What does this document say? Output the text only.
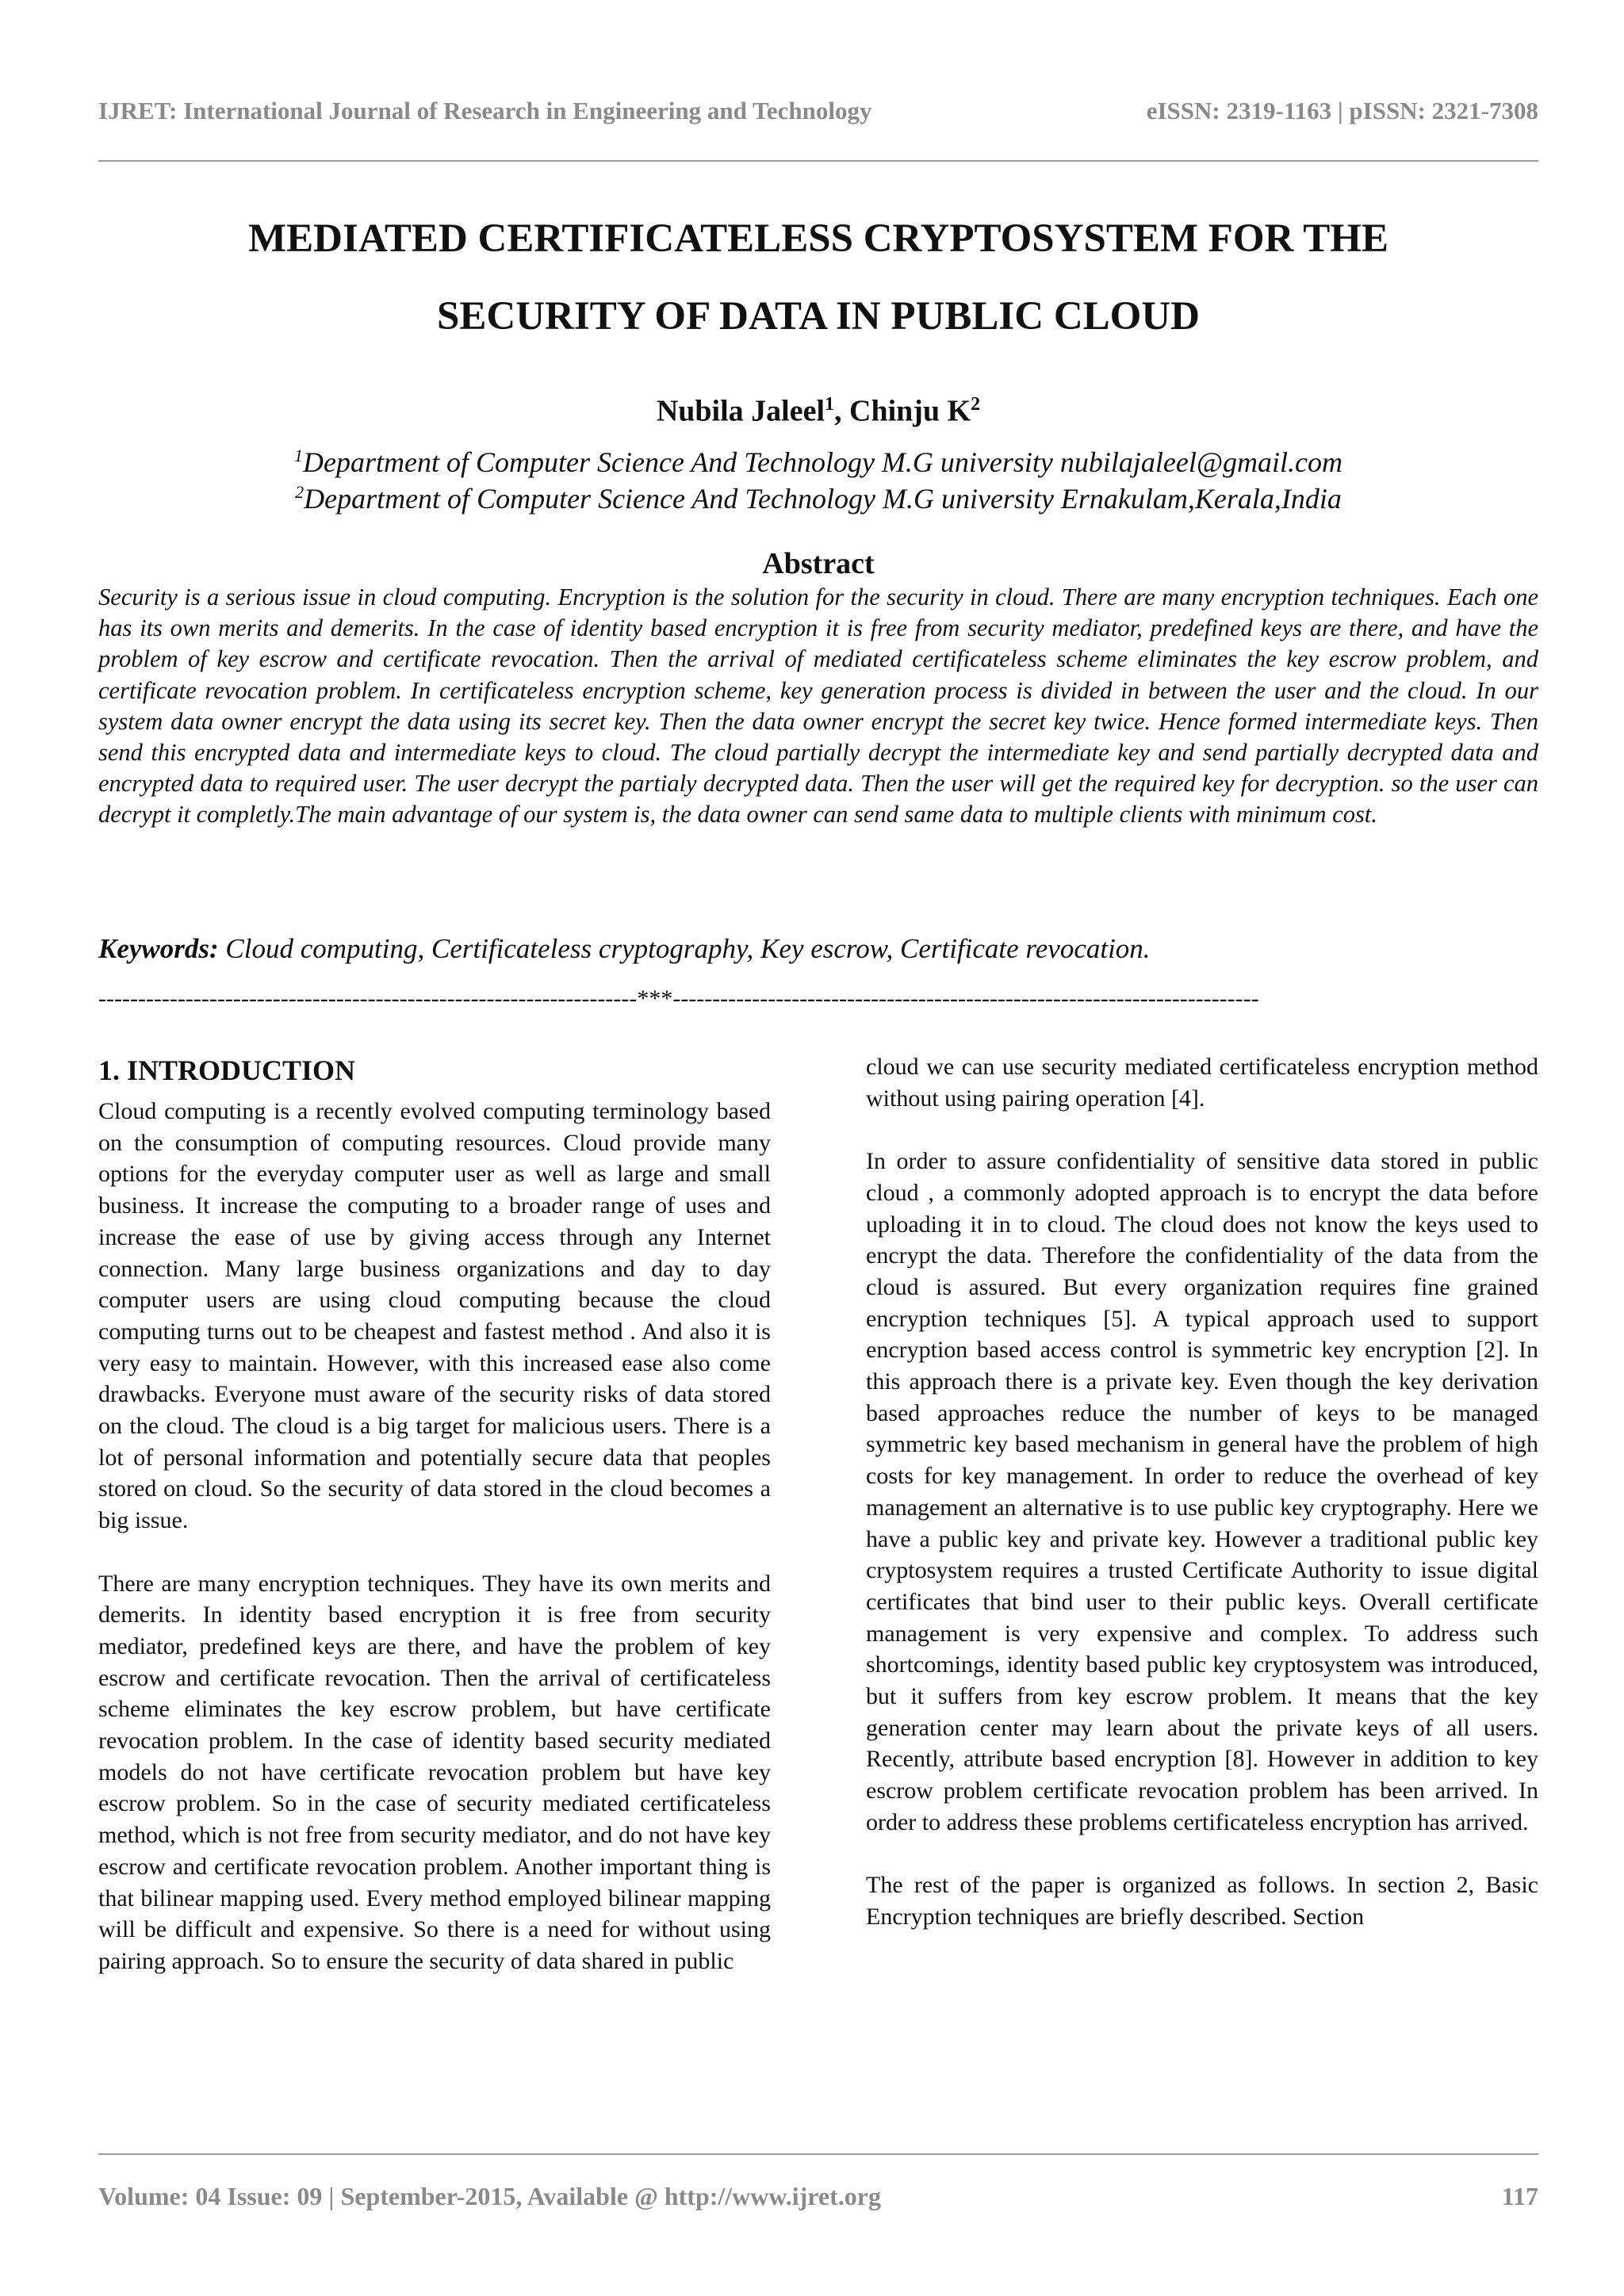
IJRET: International Journal of Research in Engineering and Technology	eISSN: 2319-1163 | pISSN: 2321-7308
MEDIATED CERTIFICATELESS CRYPTOSYSTEM FOR THE
SECURITY OF DATA IN PUBLIC CLOUD
Nubila Jaleel$^1$, Chinju $K^2$
$^1$Department of Computer Science And Technology M.G university nubilajaleel@gmail.com
$^2$Department of Computer Science And Technology M.G university Ernakulam,Kerala,India
Abstract
Security is a serious issue in cloud computing. Encryption is the solution for the security in cloud. There are many encryption techniques. Each one has its own merits and demerits. In the case of identity based encryption it is free from security mediator, predefined keys are there, and have the problem of key escrow and certificate revocation. Then the arrival of mediated certificateless scheme eliminates the key escrow problem, and certificate revocation problem. In certificateless encryption scheme, key generation process is divided in between the user and the cloud. In our system data owner encrypt the data using its secret key. Then the data owner encrypt the secret key twice. Hence formed intermediate keys. Then send this encrypted data and intermediate keys to cloud. The cloud partially decrypt the intermediate key and send partially decrypted data and encrypted data to required user. The user decrypt the partialy decrypted data. Then the user will get the required key for decryption. so the user can decrypt it completly.The main advantage of our system is, the data owner can send same data to multiple clients with minimum cost.
Keywords: Cloud computing, Certificateless cryptography, Key escrow, Certificate revocation.
--------------------------------------------------------------------***--------------------------------------------------------------------------
1. INTRODUCTION

Cloud computing is a recently evolved computing terminology based on the consumption of computing resources. Cloud provide many options for the everyday computer user as well as large and small business. It increase the computing to a broader range of uses and increase the ease of use by giving access through any Internet connection. Many large business organizations and day to day computer users are using cloud computing because the cloud computing turns out to be cheapest and fastest method . And also it is very easy to maintain. However, with this increased ease also come drawbacks. Everyone must aware of the security risks of data stored on the cloud. The cloud is a big target for malicious users. There is a lot of personal information and potentially secure data that peoples stored on cloud. So the security of data stored in the cloud becomes a big issue.

There are many encryption techniques. They have its own merits and demerits. In identity based encryption it is free from security mediator, predefined keys are there, and have the problem of key escrow and certificate revocation. Then the arrival of certificateless scheme eliminates the key escrow problem, but have certificate revocation problem. In the case of identity based security mediated models do not have certificate revocation problem but have key escrow problem. So in the case of security mediated certificateless method, which is not free from security mediator, and do not have key escrow and certificate revocation problem. Another important thing is that bilinear mapping used. Every method employed bilinear mapping will be difficult and expensive. So there is a need for without using pairing approach. So to ensure the security of data shared in public

cloud we can use security mediated certificateless encryption method without using pairing operation [4].

In order to assure confidentiality of sensitive data stored in public cloud , a commonly adopted approach is to encrypt the data before uploading it in to cloud. The cloud does not know the keys used to encrypt the data. Therefore the confidentiality of the data from the cloud is assured. But every organization requires fine grained encryption techniques [5]. A typical approach used to support encryption based access control is symmetric key encryption [2]. In this approach there is a private key. Even though the key derivation based approaches reduce the number of keys to be managed symmetric key based mechanism in general have the problem of high costs for key management. In order to reduce the overhead of key management an alternative is to use public key cryptography. Here we have a public key and private key. However a traditional public key cryptosystem requires a trusted Certificate Authority to issue digital certificates that bind user to their public keys. Overall certificate management is very expensive and complex. To address such shortcomings, identity based public key cryptosystem was introduced, but it suffers from key escrow problem. It means that the key generation center may learn about the private keys of all users. Recently, attribute based encryption [8]. However in addition to key escrow problem certificate revocation problem has been arrived. In order to address these problems certificateless encryption has arrived.

The rest of the paper is organized as follows. In section 2, Basic Encryption techniques are briefly described. Section

Volume: 04 Issue: 09 | September-2015, Available @ http://www.ijret.org	117
